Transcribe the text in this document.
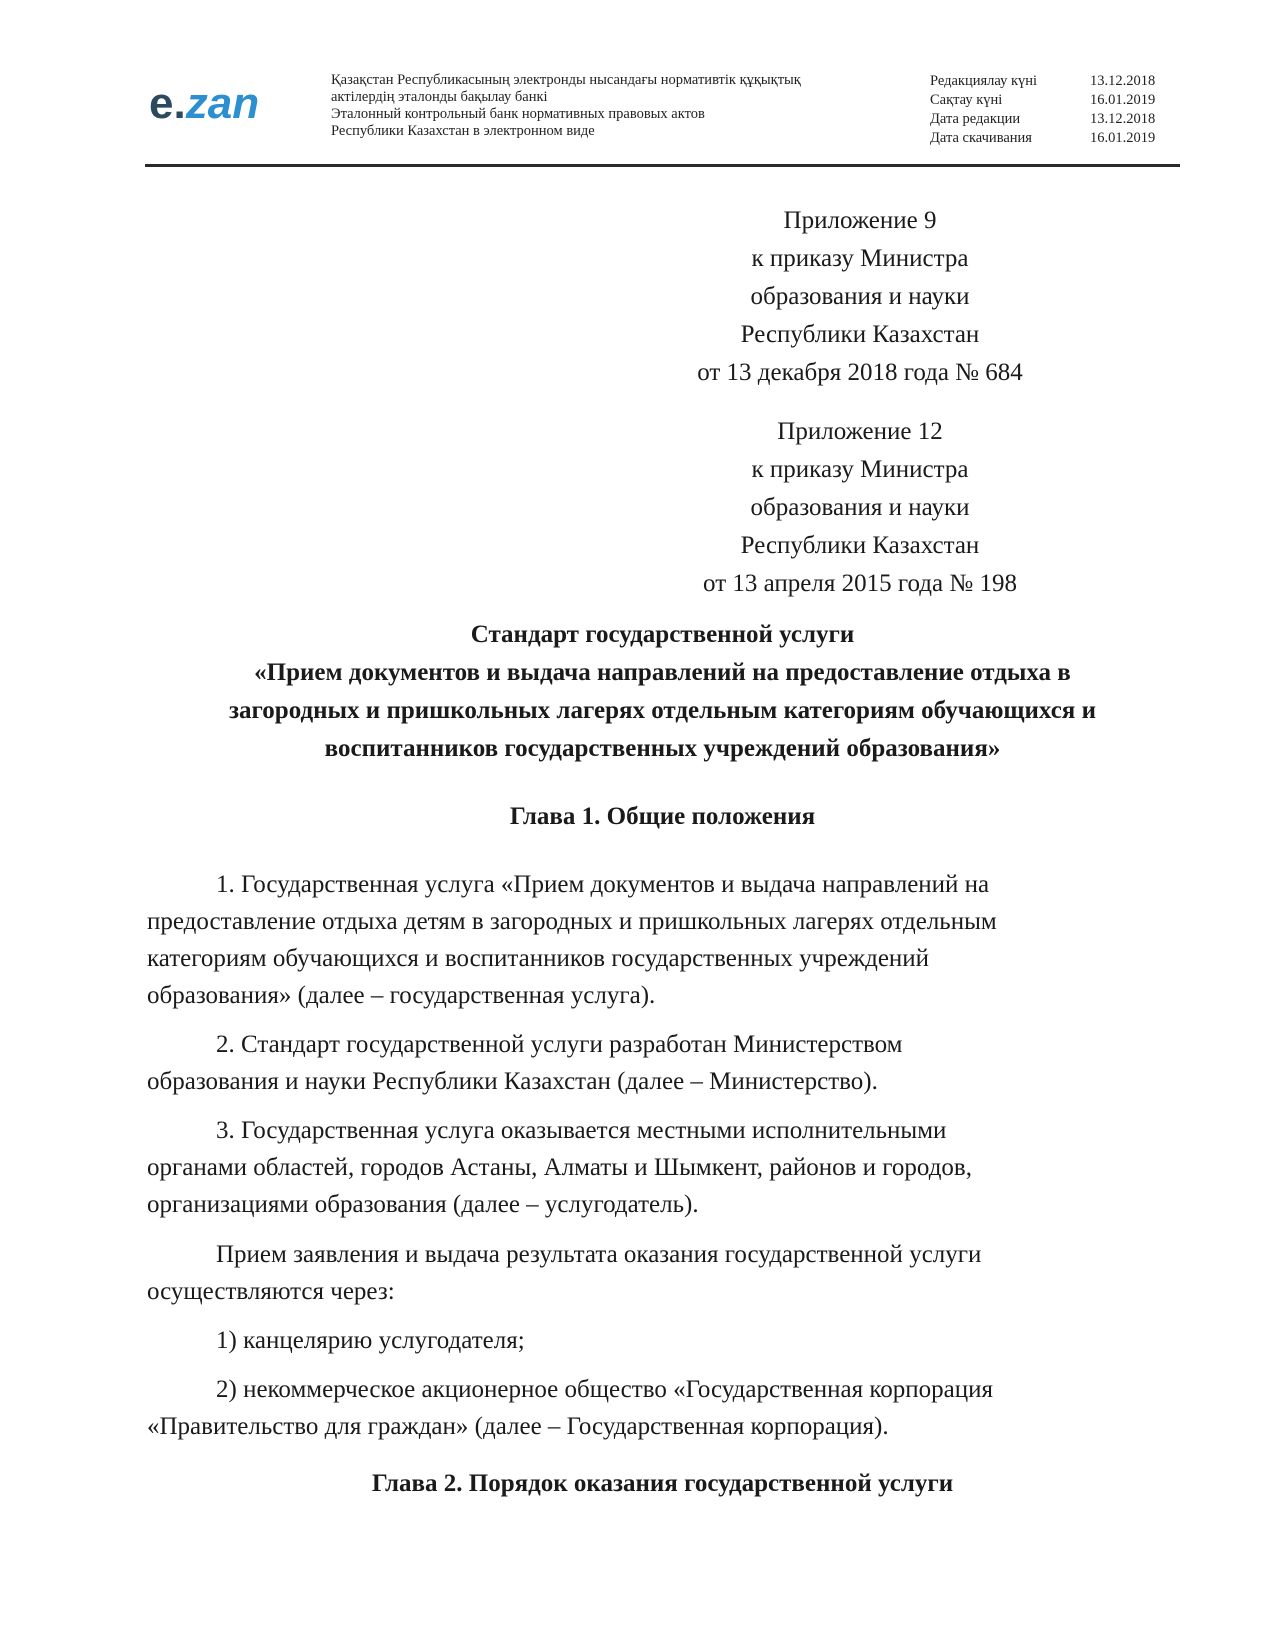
e.zan	Қазақстан Республикасының электронды нысандағы нормативтік құқықтық
актілердің эталонды бақылау банкі
Эталонный контрольный банк нормативных правовых актов
Республики Казахстан в электронном виде
Редакциялау күні	13.12.2018
Сақтау күні	16.01.2019
Дата редакции	13.12.2018
Дата скачивания	16.01.2019
Приложение 9
к приказу Министра
образования и науки
Республики Казахстан
от 13 декабря 2018 года № 684
Приложение 12
к приказу Министра
образования и науки
Республики Казахстан
от 13 апреля 2015 года № 198
Стандарт государственной услуги
«Прием документов и выдача направлений на предоставление отдыха в
загородных и пришкольных лагерях отдельным категориям обучающихся и
воспитанников государственных учреждений образования»
Глава 1. Общие положения
1. Государственная услуга «Прием документов и выдача направлений на
предоставление отдыха детям в загородных и пришкольных лагерях отдельным
категориям обучающихся и воспитанников государственных учреждений
образования» (далее – государственная услуга).
2. Стандарт государственной услуги разработан Министерством
образования и науки Республики Казахстан (далее – Министерство).
3. Государственная услуга оказывается местными исполнительными
органами областей, городов Астаны, Алматы и Шымкент, районов и городов,
организациями образования (далее – услугодатель).
Прием заявления и выдача результата оказания государственной услуги
осуществляются через:
1) канцелярию услугодателя;
2) некоммерческое акционерное общество «Государственная корпорация
«Правительство для граждан» (далее – Государственная корпорация).
Глава 2. Порядок оказания государственной услуги
